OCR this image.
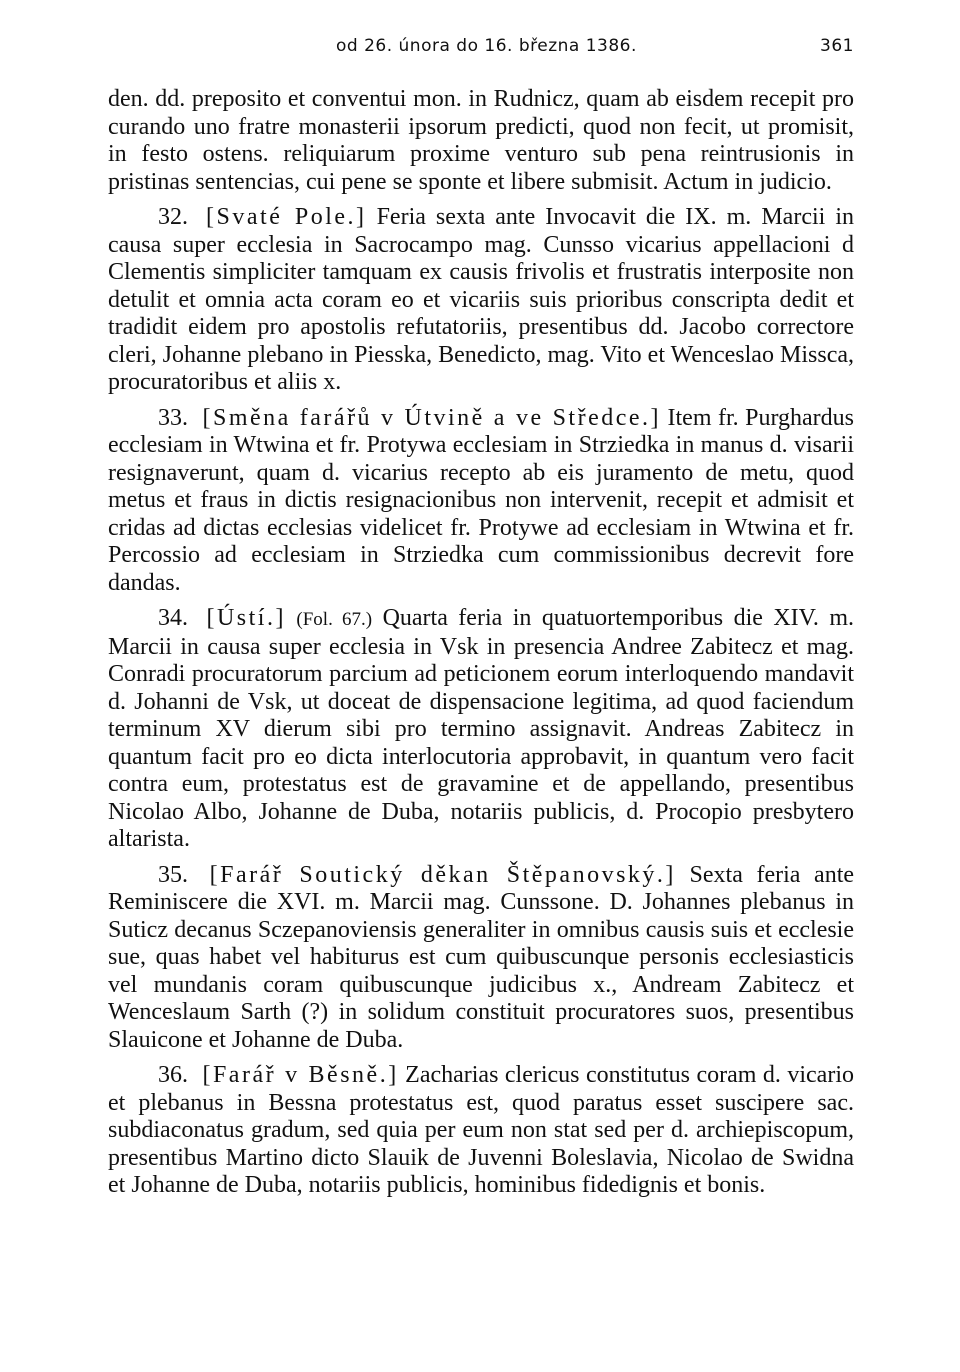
od 26. února do 16. března 1386.	361

den. dd. preposito et conventui mon. in Rudnicz, quam ab eisdem recepit pro curando uno fratre monasterii ipsorum predicti, quod non fecit, ut promisit, in festo ostens. reliquiarum proxime venturo sub pena reintrusionis in pristinas sentencias, cui pene se sponte et libere submisit. Actum in judicio.

32. [Svaté Pole.] Feria sexta ante Invocavit die IX. m. Marcii in causa super ecclesia in Sacrocampo mag. Cunsso vicarius appellacioni d Clementis simpliciter tamquam ex causis frivolis et frustratis interposite non detulit et omnia acta coram eo et vicariis suis prioribus conscripta dedit et tradidit eidem pro apostolis refutatoriis, presentibus dd. Jacobo correctore cleri, Johanne plebano in Piesska, Benedicto, mag. Vito et Wenceslao Missca, procuratoribus et aliis x.

33. [Směna farářů v Útvině a ve Středce.] Item fr. Purghardus ecclesiam in Wtwina et fr. Protywa ecclesiam in Strziedka in manus d. visarii resignaverunt, quam d. vicarius recepto ab eis juramento de metu, quod metus et fraus in dictis resignacionibus non intervenit, recepit et admisit et cridas ad dictas ecclesias videlicet fr. Protywe ad ecclesiam in Wtwina et fr. Percossio ad ecclesiam in Strziedka cum commissionibus decrevit fore dandas.

34. [Ústí.] (Fol. 67.) Quarta feria in quatuortemporibus die XIV. m. Marcii in causa super ecclesia in Vsk in presencia Andree Zabitecz et mag. Conradi procuratorum parcium ad peticionem eorum interloquendo mandavit d. Johanni de Vsk, ut doceat de dispensacione legitima, ad quod faciendum terminum XV dierum sibi pro termino assignavit. Andreas Zabitecz in quantum facit pro eo dicta interlocutoria approbavit, in quantum vero facit contra eum, protestatus est de gravamine et de appellando, presentibus Nicolao Albo, Johanne de Duba, notariis publicis, d. Procopio presbytero altarista.

35. [Farář Soutický děkan Štěpanovský.] Sexta feria ante Reminiscere die XVI. m. Marcii mag. Cunssone. D. Johannes plebanus in Suticz decanus Sczepanoviensis generaliter in omnibus causis suis et ecclesie sue, quas habet vel habiturus est cum quibuscunque personis ecclesiasticis vel mundanis coram quibuscunque judicibus x., Andream Zabitecz et Wenceslaum Sarth (?) in solidum constituit procuratores suos, presentibus Slauicone et Johanne de Duba.

36. [Farář v Běsně.] Zacharias clericus constitutus coram d. vicario et plebanus in Bessna protestatus est, quod paratus esset suscipere sac. subdiaconatus gradum, sed quia per eum non stat sed per d. archiepiscopum, presentibus Martino dicto Slauik de Juvenni Boleslavia, Nicolao de Swidna et Johanne de Duba, notariis publicis, hominibus fidedignis et bonis.
